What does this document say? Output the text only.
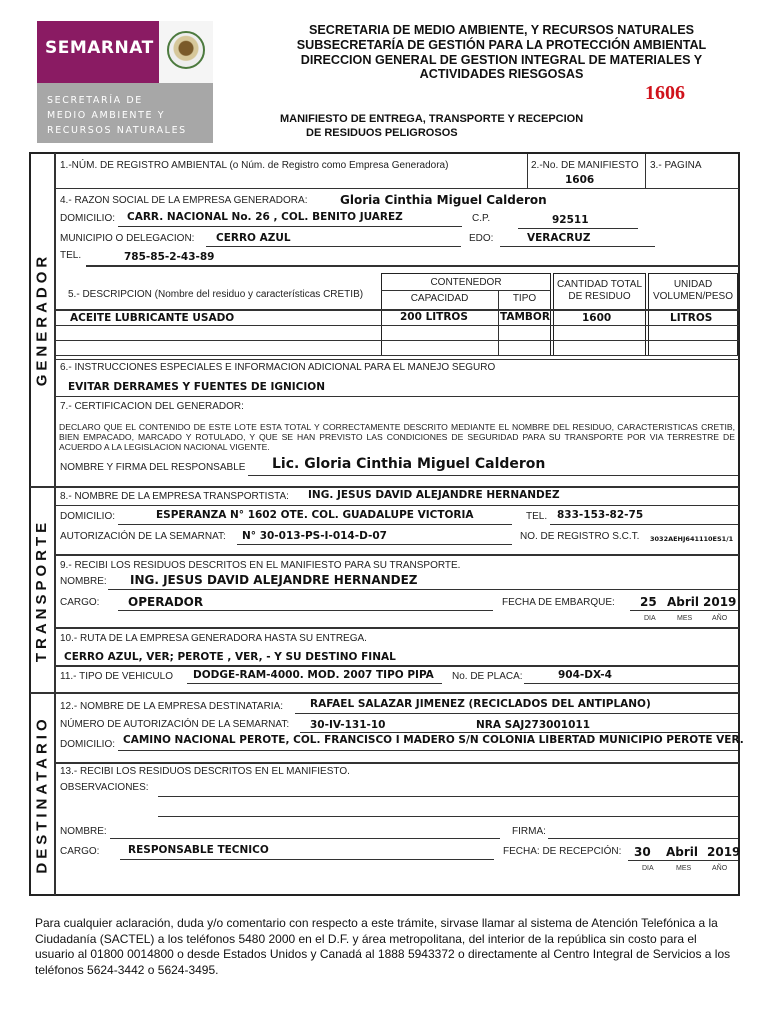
SEMARNAT
SECRETARÍA DE
MEDIO AMBIENTE Y
RECURSOS NATURALES
SECRETARIA DE MEDIO AMBIENTE, Y RECURSOS NATURALES
SUBSECRETARÍA DE GESTIÓN PARA LA PROTECCIÓN AMBIENTAL
DIRECCION GENERAL DE GESTION INTEGRAL DE MATERIALES Y
ACTIVIDADES RIESGOSAS
1606
MANIFIESTO DE ENTREGA, TRANSPORTE Y RECEPCION
DE RESIDUOS PELIGROSOS
GENERADOR
TRANSPORTE
DESTINATARIO
1.-NÚM. DE REGISTRO AMBIENTAL (o Núm. de Registro como Empresa Generadora)	2.-No. DE MANIFIESTO
1606
3.- PAGINA
4.- RAZON SOCIAL DE LA EMPRESA GENERADORA:	Gloria Cinthia Miguel Calderon
DOMICILIO: CARR. NACIONAL No. 26 , COL. BENITO JUAREZ	C.P.	92511
MUNICIPIO O DELEGACION: CERRO AZUL	EDO:	VERACRUZ
TEL.	785-85-2-43-89
5.- DESCRIPCION (Nombre del residuo y características CRETIB)
CONTENEDOR
CAPACIDAD	TIPO
CANTIDAD TOTAL
DE RESIDUO
UNIDAD
VOLUMEN/PESO
ACEITE LUBRICANTE USADO	200 LITROS	TAMBOR	1600	LITROS
6.- INSTRUCCIONES ESPECIALES E INFORMACION ADICIONAL PARA EL MANEJO SEGURO
EVITAR DERRAMES Y FUENTES DE IGNICION
7.- CERTIFICACION DEL GENERADOR:
DECLARO QUE EL CONTENIDO DE ESTE LOTE ESTA TOTAL Y CORRECTAMENTE DESCRITO MEDIANTE EL NOMBRE DEL RESIDUO, CARACTERISTICAS CRETIB, BIEN EMPACADO, MARCADO Y ROTULADO, Y QUE SE HAN PREVISTO LAS CONDICIONES DE SEGURIDAD PARA SU TRANSPORTE POR VIA TERRESTRE DE ACUERDO A LA LEGISLACION NACIONAL VIGENTE.
NOMBRE Y FIRMA DEL RESPONSABLE Lic. Gloria Cinthia Miguel Calderon
8.- NOMBRE DE LA EMPRESA TRANSPORTISTA: ING. JESUS DAVID ALEJANDRE HERNANDEZ
DOMICILIO:	ESPERANZA N° 1602 OTE. COL. GUADALUPE VICTORIA	TEL. 833-153-82-75
AUTORIZACIÓN DE LA SEMARNAT: N° 30-013-PS-I-014-D-07	NO. DE REGISTRO S.C.T. 3032AEHJ641110ES1/1
9.- RECIBI LOS RESIDUOS DESCRITOS EN EL MANIFIESTO PARA SU TRANSPORTE.
NOMBRE: ING. JESUS DAVID ALEJANDRE HERNANDEZ
CARGO: OPERADOR	FECHA DE EMBARQUE: 25 Abril 2019
DIA	MES	AÑO
10.- RUTA DE LA EMPRESA GENERADORA HASTA SU ENTREGA.
CERRO AZUL, VER; PEROTE , VER, - Y SU DESTINO FINAL
11.- TIPO DE VEHICULO DODGE-RAM-4000. MOD. 2007 TIPO PIPA No. DE PLACA:	904-DX-4
12.- NOMBRE DE LA EMPRESA DESTINATARIA:	RAFAEL SALAZAR JIMENEZ (RECICLADOS DEL ANTIPLANO)
NÚMERO DE AUTORIZACIÓN DE LA SEMARNAT: 30-IV-131-10	NRA SAJ273001011
DOMICILIO: CAMINO NACIONAL PEROTE, COL. FRANCISCO I MADERO S/N COLONIA LIBERTAD MUNICIPIO PEROTE VER.
13.- RECIBI LOS RESIDUOS DESCRITOS EN EL MANIFIESTO.
OBSERVACIONES:
NOMBRE:	FIRMA:
CARGO:	RESPONSABLE TECNICO	FECHA: DE RECEPCIÓN: 30 Abril 2019
DIA	MES	AÑO
Para cualquier aclaración, duda y/o comentario con respecto a este trámite, sirvase llamar al sistema de Atención Telefónica a la Ciudadanía (SACTEL) a los teléfonos 5480 2000 en el D.F. y área metropolitana, del interior de la república sin costo para el usuario al 01800 0014800 o desde Estados Unidos y Canadá al 1888 5943372 o directamente al Centro Integral de Servicios a los teléfonos 5624-3442 o 5624-3495.
